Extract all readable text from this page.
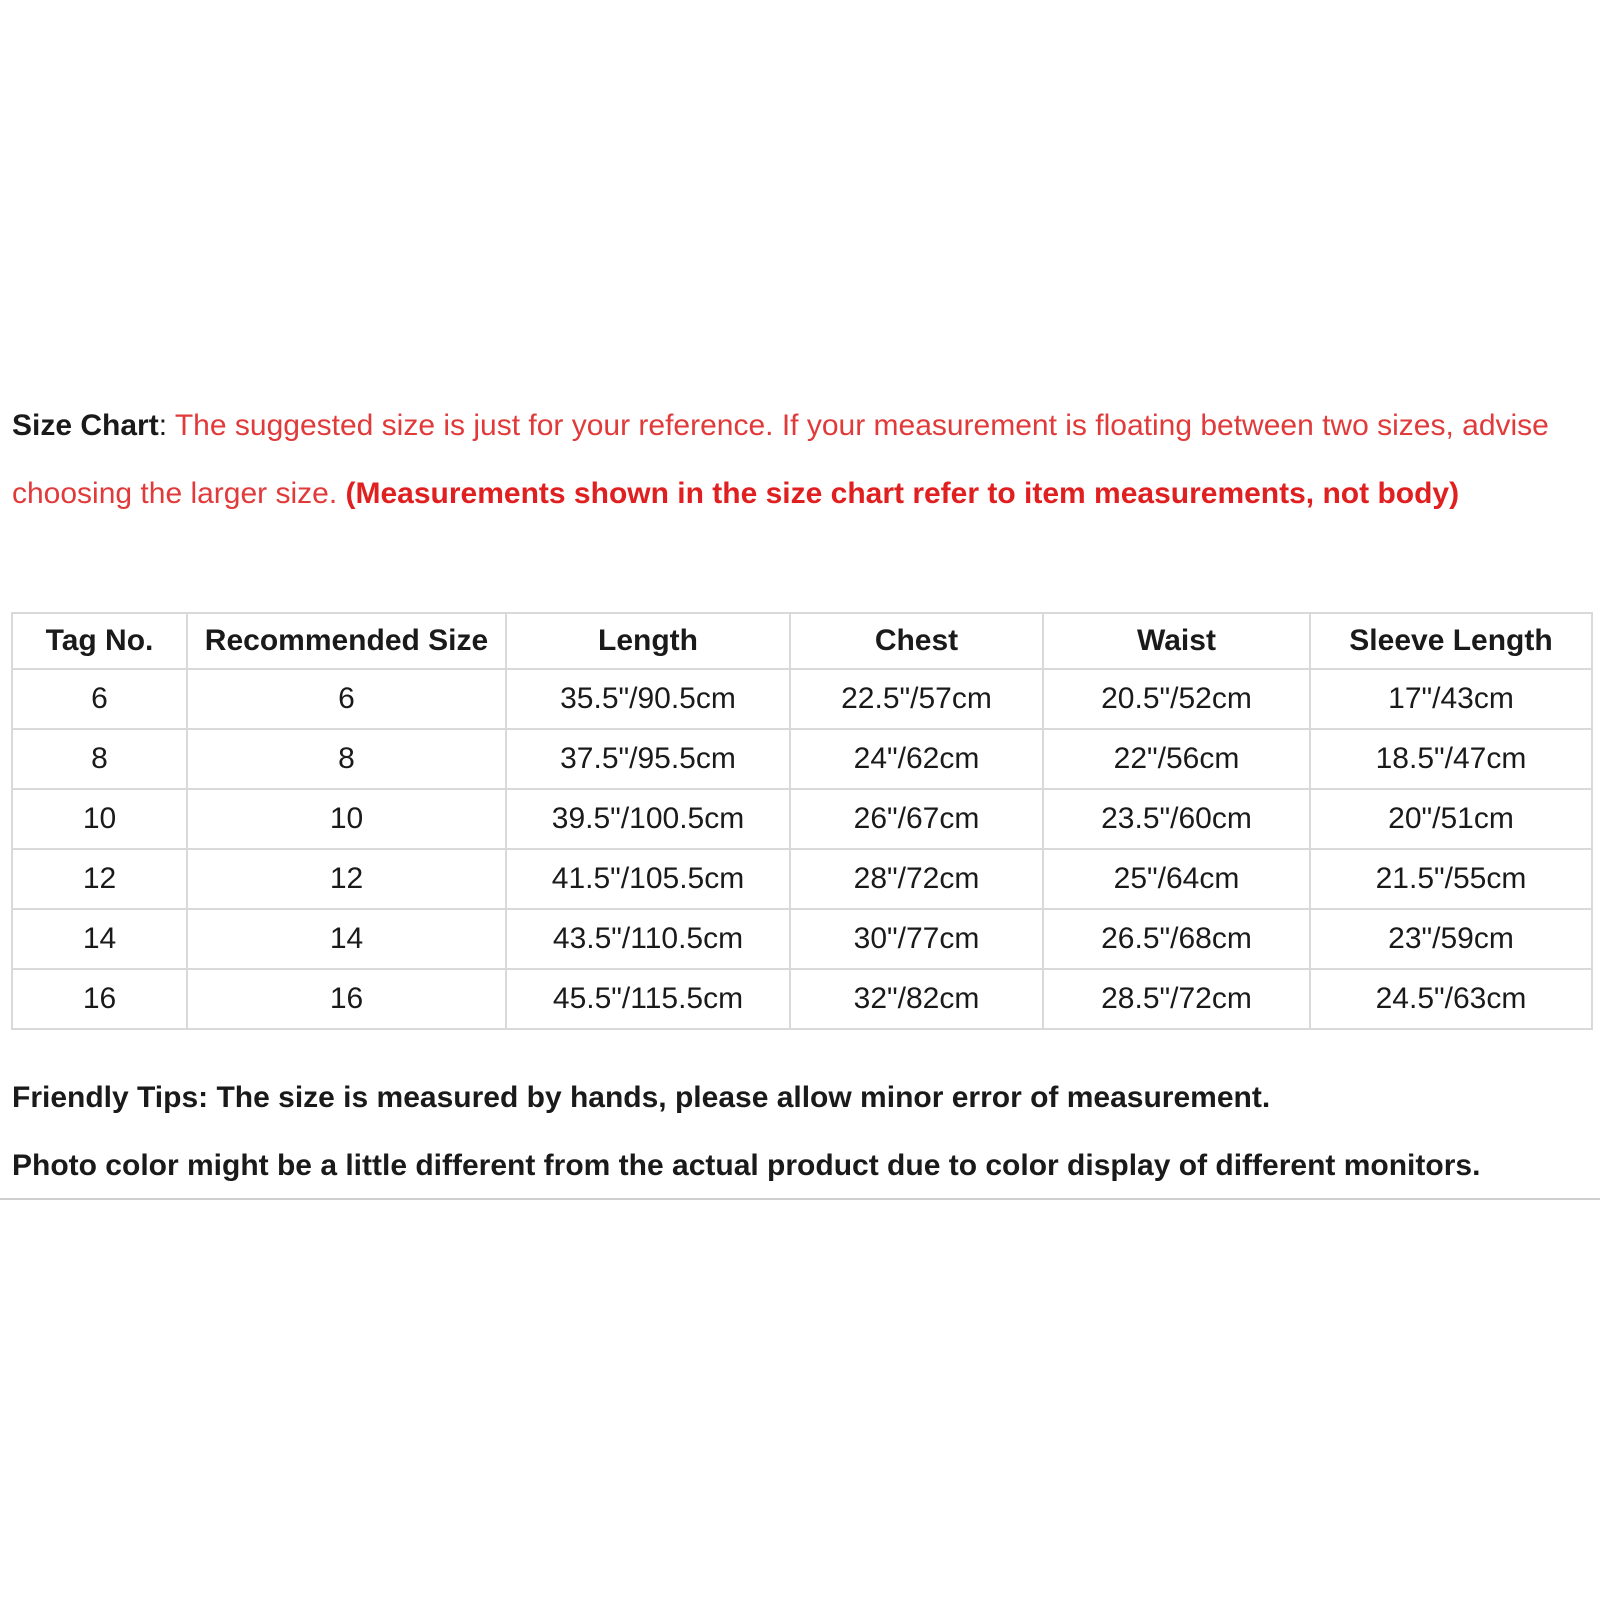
Size Chart: The suggested size is just for your reference. If your measurement is floating between two sizes, advise choosing the larger size. (Measurements shown in the size chart refer to item measurements, not body)
Tag No.	Recommended Size	Length	Chest	Waist	Sleeve Length
6	6	35.5"/90.5cm	22.5"/57cm	20.5"/52cm	17"/43cm
8	8	37.5"/95.5cm	24"/62cm	22"/56cm	18.5"/47cm
10	10	39.5"/100.5cm	26"/67cm	23.5"/60cm	20"/51cm
12	12	41.5"/105.5cm	28"/72cm	25"/64cm	21.5"/55cm
14	14	43.5"/110.5cm	30"/77cm	26.5"/68cm	23"/59cm
16	16	45.5"/115.5cm	32"/82cm	28.5"/72cm	24.5"/63cm

Friendly Tips: The size is measured by hands, please allow minor error of measurement.

Photo color might be a little different from the actual product due to color display of different monitors.
